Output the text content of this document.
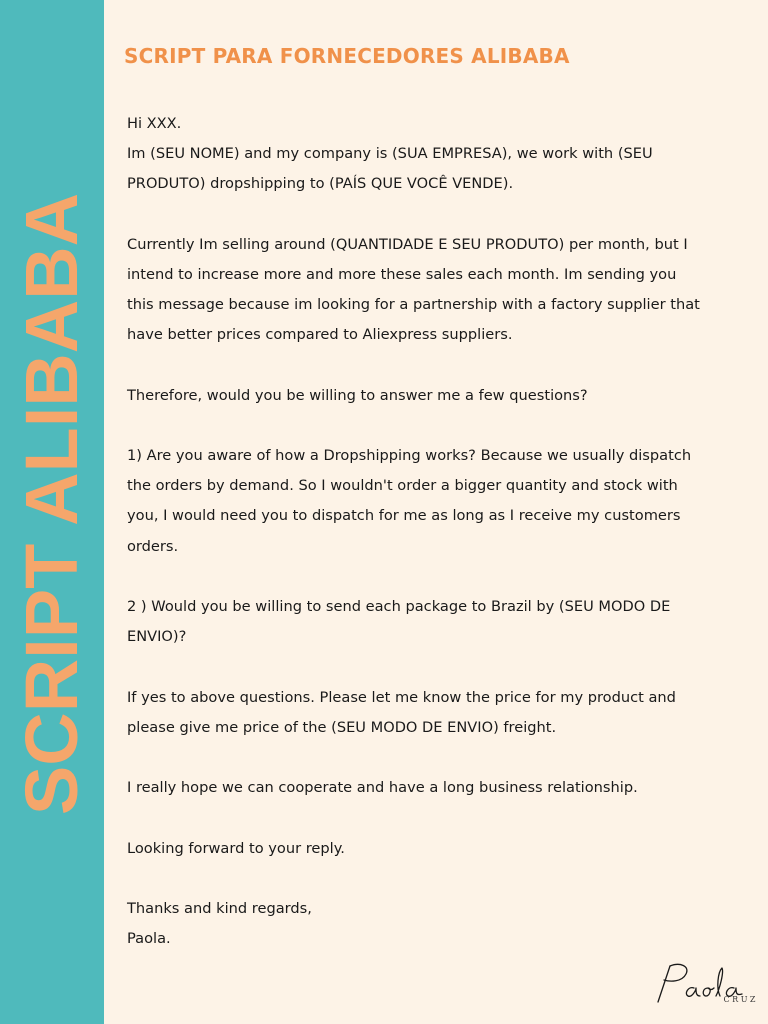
SCRIPT ALIBABA
SCRIPT PARA FORNECEDORES ALIBABA
Hi XXX.
Im (SEU NOME) and my company is (SUA EMPRESA), we work with (SEU
PRODUTO) dropshipping to (PAÍS QUE VOCÊ VENDE).
Currently Im selling around (QUANTIDADE E SEU PRODUTO) per month, but I
intend to increase more and more these sales each month. Im sending you
this message because im looking for a partnership with a factory supplier that
have better prices compared to Aliexpress suppliers.
Therefore, would you be willing to answer me a few questions?
1) Are you aware of how a Dropshipping works? Because we usually dispatch
the orders by demand. So I wouldn't order a bigger quantity and stock with
you, I would need you to dispatch for me as long as I receive my customers
orders.
2 ) Would you be willing to send each package to Brazil by (SEU MODO DE
ENVIO)?
If yes to above questions. Please let me know the price for my product and
please give me price of the (SEU MODO DE ENVIO) freight.
I really hope we can cooperate and have a long business relationship.
Looking forward to your reply.
Thanks and kind regards,
Paola.
CRUZ
